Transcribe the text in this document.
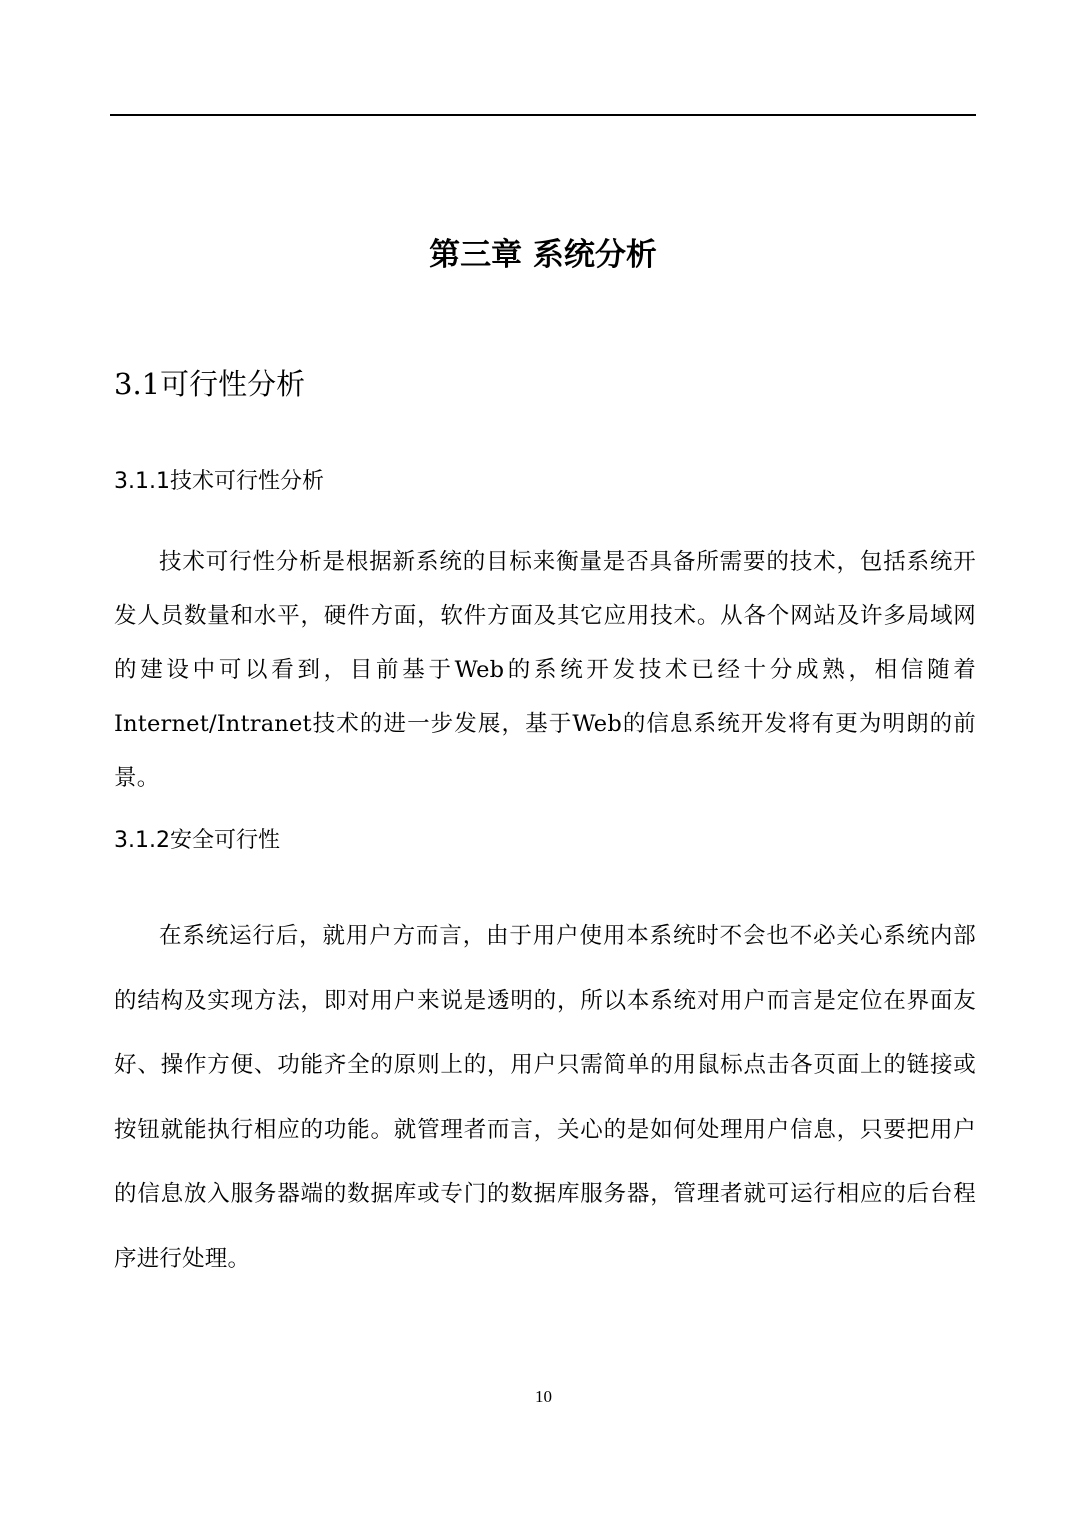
第三章 系统分析
3.1可行性分析
3.1.1技术可行性分析

技术可行性分析是根据新系统的目标来衡量是否具备所需要的技术，包括系统开发人员数量和水平，硬件方面，软件方面及其它应用技术。从各个网站及许多局域网的建设中可以看到，目前基于Web的系统开发技术已经十分成熟，相信随着Internet/Intranet技术的进一步发展，基于Web的信息系统开发将有更为明朗的前景。

3.1.2安全可行性

在系统运行后，就用户方而言，由于用户使用本系统时不会也不必关心系统内部的结构及实现方法，即对用户来说是透明的，所以本系统对用户而言是定位在界面友好、操作方便、功能齐全的原则上的，用户只需简单的用鼠标点击各页面上的链接或按钮就能执行相应的功能。就管理者而言，关心的是如何处理用户信息，只要把用户的信息放入服务器端的数据库或专门的数据库服务器，管理者就可运行相应的后台程序进行处理。

10
